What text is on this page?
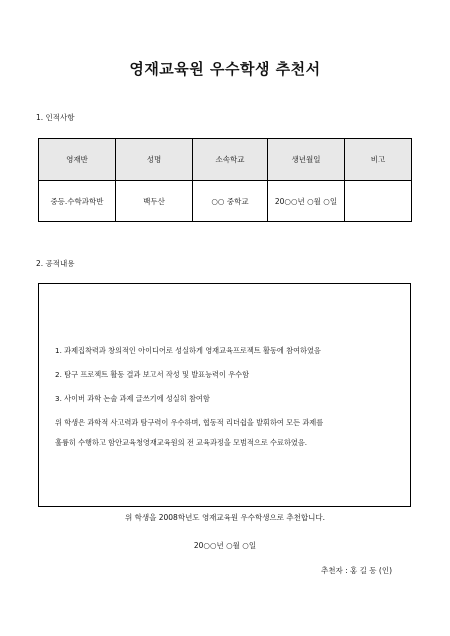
영재교육원 우수학생 추천서
1. 인적사항
영재반	성명	소속학교	생년월일	비고
중등.수학과학반	백두산	○○ 중학교	20○○년 ○월 ○일	
2. 공적내용
1. 과제집착력과 창의적인 아이디어로 성실하게 영재교육프로젝트 활동에 참여하였음
2. 탐구 프로젝트 활동 결과 보고서 작성 및 발표능력이 우수함
3. 사이버 과학 논술 과제 글쓰기에 성실히 참여함
위 학생은 과학적 사고력과 탐구력이 우수하며, 협동적 리더쉽을 발휘하여 모든 과제를
훌륭히 수행하고 함안교육청영재교육원의 전 교육과정을 모범적으로 수료하였음.
위 학생을 2008학년도 영재교육원 우수학생으로 추천합니다.
20○○년 ○월 ○일
추천자 : 홍 길 동 (인)
